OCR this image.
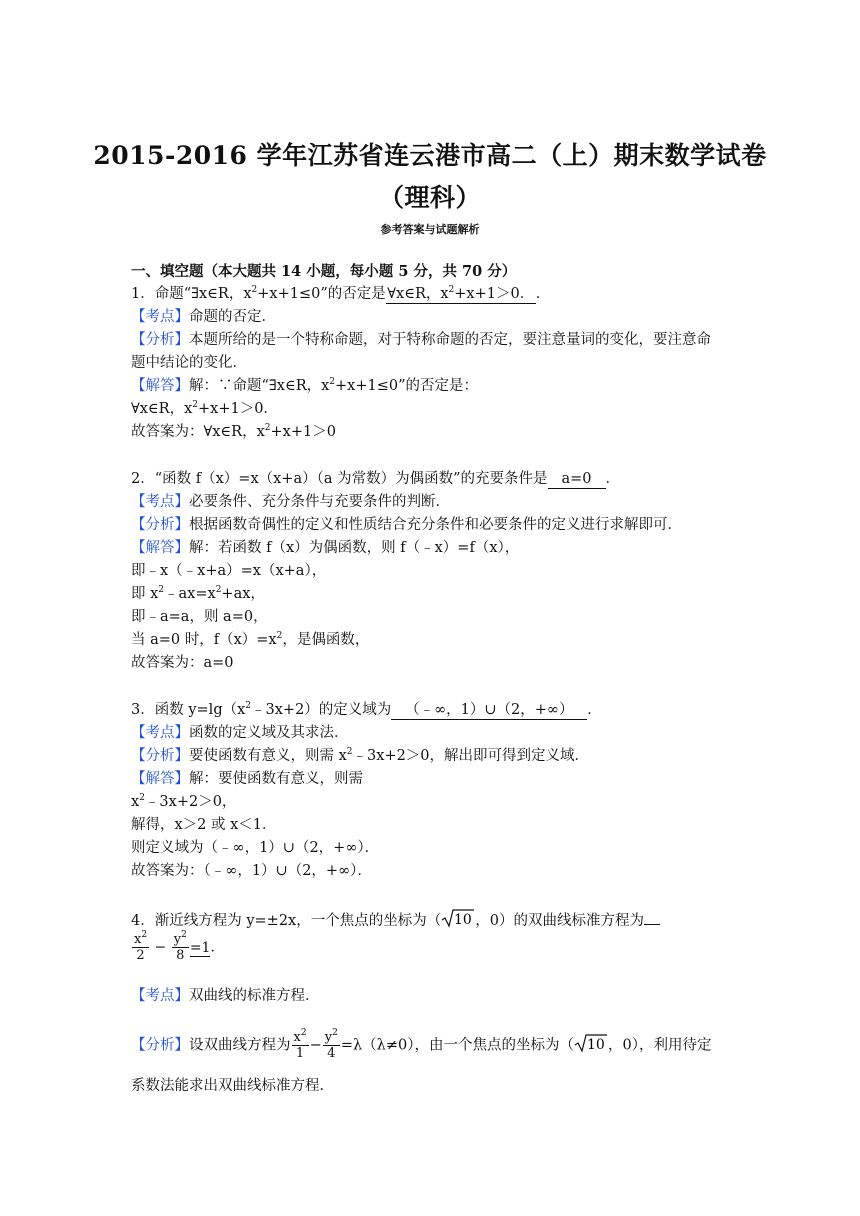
2015-2016 学年江苏省连云港市高二（上）期末数学试卷
（理科）
参考答案与试题解析
一、填空题（本大题共 14 小题，每小题 5 分，共 70 分）
1．命题“∃x∈R，$x^2+x+1\le 0$”的否定是 ∀x∈R，$x^2+x+1>0$． ．
【考点】命题的否定．
【分析】本题所给的是一个特称命题，对于特称命题的否定，要注意量词的变化，要注意命
题中结论的变化．
【解答】解：∵命题“∃x∈R，$x^2+x+1\le 0$”的否定是：
∀x∈R，$x^2+x+1>0$．
故答案为：∀x∈R，$x^2+x+1>0$
2．“函数 f（x）=x（x+a）（a 为常数）为偶函数”的充要条件是 a=0 ．
【考点】必要条件、充分条件与充要条件的判断．
【分析】根据函数奇偶性的定义和性质结合充分条件和必要条件的定义进行求解即可．
【解答】解：若函数 f（x）为偶函数，则 f（﹣x）=f（x），
即﹣x（﹣x+a）=x（x+a），
即 $x^2﹣ax=x^2+ax$，
即﹣a=a，则 a=0，
当 a=0 时，$f(x)=x^2$，是偶函数，
故答案为：a=0
3．函数 $y=\lg(x^2﹣3x+2)$的定义域为 （﹣∞，1）∪（2，+∞） ．
【考点】函数的定义域及其求法．
【分析】要使函数有意义，则需 $x^2﹣3x+2>0$，解出即可得到定义域．
【解答】解：要使函数有意义，则需
$x^2﹣3x+2>0$，
解得，x＞2 或 x＜1．
则定义域为（﹣∞，1）∪（2，+∞）．
故答案为：（﹣∞，1）∪（2，+∞）．
4．渐近线方程为 y=±2x，一个焦点的坐标为（ 10 ，0）的双曲线标准方程为
$\frac{x^2}{2} - \frac{y^2}{8} =1$．
【考点】双曲线的标准方程．
【分析】设双曲线方程为 $\frac{x^2}{1} - \frac{y^2}{4} =\lambda(\lambda\ne 0)$，由一个焦点的坐标为（ 10 ，0），利用待定
系数法能求出双曲线标准方程．
